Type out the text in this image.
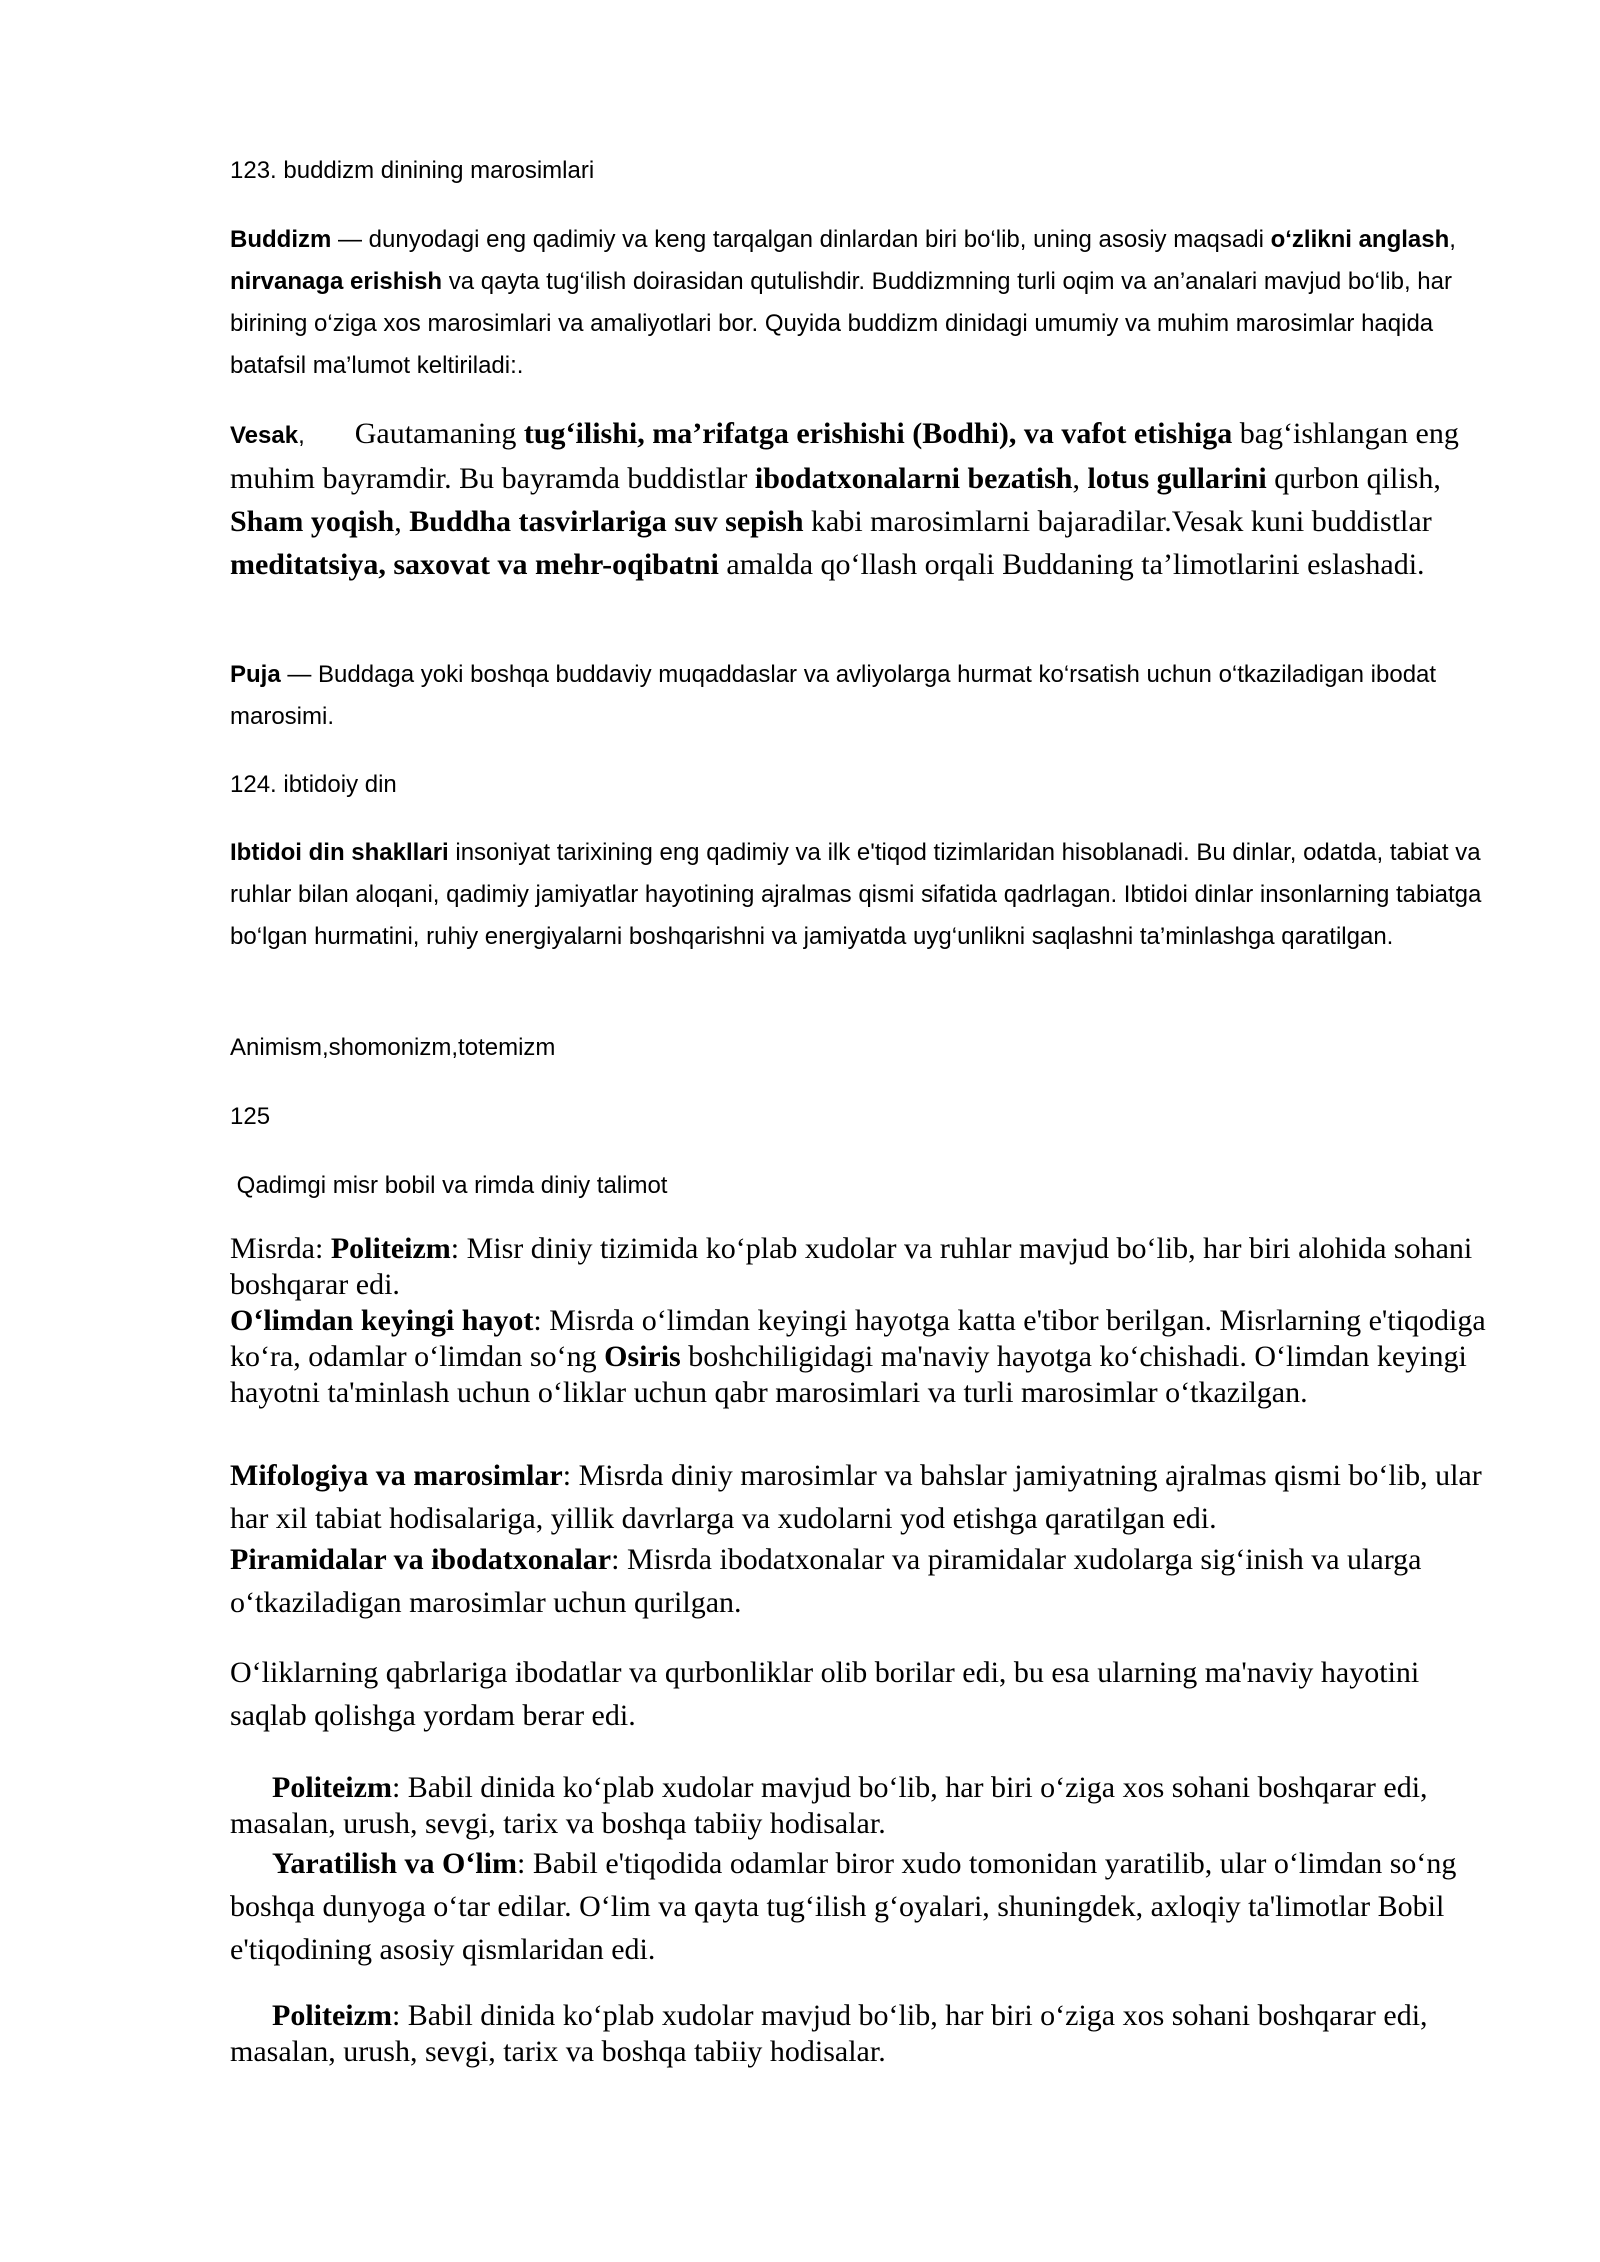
123. buddizm dinining marosimlari

Buddizm — dunyodagi eng qadimiy va keng tarqalgan dinlardan biri bo‘lib, uning asosiy maqsadi o‘zlikni anglash, nirvanaga erishish va qayta tug‘ilish doirasidan qutulishdir. Buddizmning turli oqim va an’analari mavjud bo‘lib, har birining o‘ziga xos marosimlari va amaliyotlari bor. Quyida buddizm dinidagi umumiy va muhim marosimlar haqida batafsil ma’lumot keltiriladi:.

Vesak, Gautamaning tug‘ilishi, ma’rifatga erishishi (Bodhi), va vafot etishiga bag‘ishlangan eng muhim bayramdir. Bu bayramda buddistlar ibodatxonalarni bezatish, lotus gullarini qurbon qilish, Sham yoqish, Buddha tasvirlariga suv sepish kabi marosimlarni bajaradilar.Vesak kuni buddistlar meditatsiya, saxovat va mehr-oqibatni amalda qo‘llash orqali Buddaning ta’limotlarini eslashadi.

Puja — Buddaga yoki boshqa buddaviy muqaddaslar va avliyolarga hurmat ko‘rsatish uchun o‘tkaziladigan ibodat marosimi.

124. ibtidoiy din

Ibtidoi din shakllari insoniyat tarixining eng qadimiy va ilk e'tiqod tizimlaridan hisoblanadi. Bu dinlar, odatda, tabiat va ruhlar bilan aloqani, qadimiy jamiyatlar hayotining ajralmas qismi sifatida qadrlagan. Ibtidoi dinlar insonlarning tabiatga bo‘lgan hurmatini, ruhiy energiyalarni boshqarishni va jamiyatda uyg‘unlikni saqlashni ta’minlashga qaratilgan.

Animism,shomonizm,totemizm

125

Qadimgi misr bobil va rimda diniy talimot

Misrda: Politeizm: Misr diniy tizimida ko‘plab xudolar va ruhlar mavjud bo‘lib, har biri alohida sohani boshqarar edi.
O‘limdan keyingi hayot: Misrda o‘limdan keyingi hayotga katta e'tibor berilgan. Misrlarning e'tiqodiga ko‘ra, odamlar o‘limdan so‘ng Osiris boshchiligidagi ma'naviy hayotga ko‘chishadi. O‘limdan keyingi hayotni ta'minlash uchun o‘liklar uchun qabr marosimlari va turli marosimlar o‘tkazilgan.

Mifologiya va marosimlar: Misrda diniy marosimlar va bahslar jamiyatning ajralmas qismi bo‘lib, ular har xil tabiat hodisalariga, yillik davrlarga va xudolarni yod etishga qaratilgan edi.

Piramidalar va ibodatxonalar: Misrda ibodatxonalar va piramidalar xudolarga sig‘inish va ularga o‘tkaziladigan marosimlar uchun qurilgan.

O‘liklarning qabrlariga ibodatlar va qurbonliklar olib borilar edi, bu esa ularning ma'naviy hayotini saqlab qolishga yordam berar edi.

Politeizm: Babil dinida ko‘plab xudolar mavjud bo‘lib, har biri o‘ziga xos sohani boshqarar edi, masalan, urush, sevgi, tarix va boshqa tabiiy hodisalar.

Yaratilish va O‘lim: Babil e'tiqodida odamlar biror xudo tomonidan yaratilib, ular o‘limdan so‘ng boshqa dunyoga o‘tar edilar. O‘lim va qayta tug‘ilish g‘oyalari, shuningdek, axloqiy ta'limotlar Bobil e'tiqodining asosiy qismlaridan edi.

Politeizm: Babil dinida ko‘plab xudolar mavjud bo‘lib, har biri o‘ziga xos sohani boshqarar edi, masalan, urush, sevgi, tarix va boshqa tabiiy hodisalar.
